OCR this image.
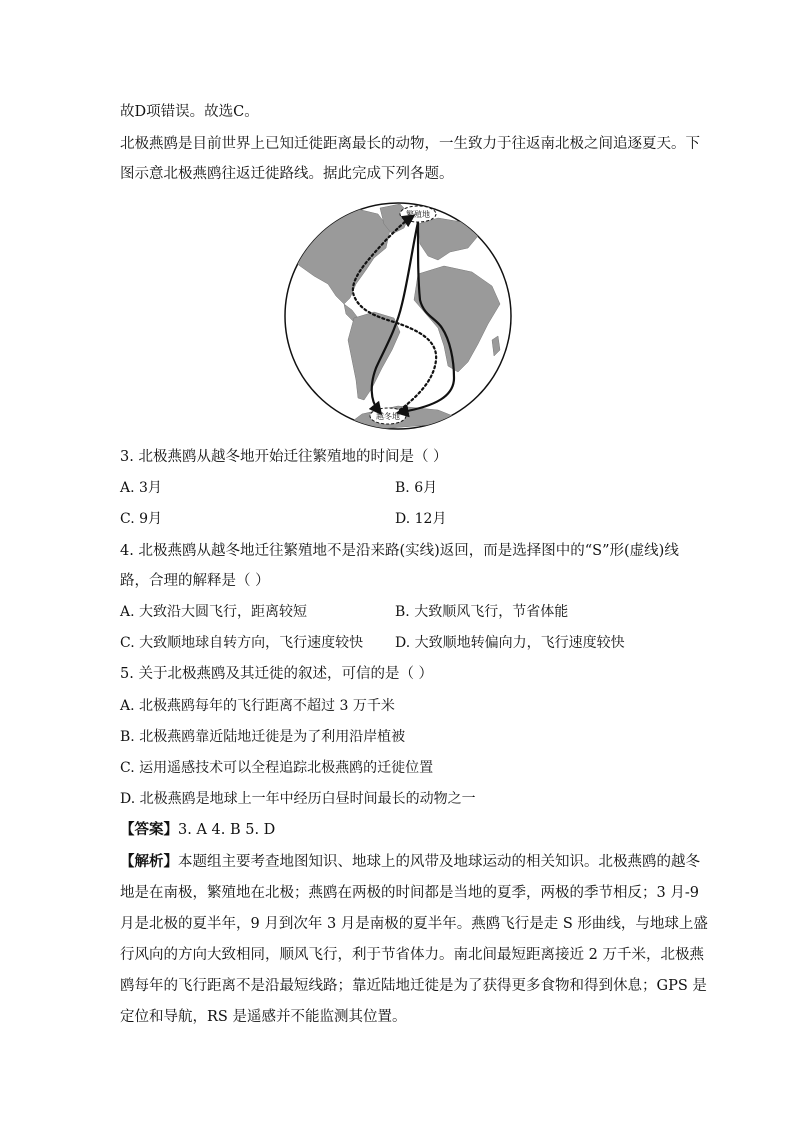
故D项错误。故选C。
北极燕鸥是目前世界上已知迁徙距离最长的动物，一生致力于往返南北极之间追逐夏天。下
图示意北极燕鸥往返迁徙路线。据此完成下列各题。
繁殖地
越冬地
3. 北极燕鸥从越冬地开始迁往繁殖地的时间是（ ）
A. 3月	B. 6月
C. 9月	D. 12月
4. 北极燕鸥从越冬地迁往繁殖地不是沿来路(实线)返回，而是选择图中的“S”形(虚线)线
路，合理的解释是（ ）
A. 大致沿大圆飞行，距离较短	B. 大致顺风飞行，节省体能
C. 大致顺地球自转方向，飞行速度较快 D. 大致顺地转偏向力，飞行速度较快
5. 关于北极燕鸥及其迁徙的叙述，可信的是（ ）
A. 北极燕鸥每年的飞行距离不超过 3 万千米
B. 北极燕鸥靠近陆地迁徙是为了利用沿岸植被
C. 运用遥感技术可以全程追踪北极燕鸥的迁徙位置
D. 北极燕鸥是地球上一年中经历白昼时间最长的动物之一
【答案】3. A 4. B 5. D
【解析】本题组主要考查地图知识、地球上的风带及地球运动的相关知识。北极燕鸥的越冬
地是在南极，繁殖地在北极；燕鸥在两极的时间都是当地的夏季，两极的季节相反；3 月-9
月是北极的夏半年，9 月到次年 3 月是南极的夏半年。燕鸥飞行是走 S 形曲线，与地球上盛
行风向的方向大致相同，顺风飞行，利于节省体力。南北间最短距离接近 2 万千米，北极燕
鸥每年的飞行距离不是沿最短线路；靠近陆地迁徙是为了获得更多食物和得到休息；GPS 是
定位和导航，RS 是遥感并不能监测其位置。
